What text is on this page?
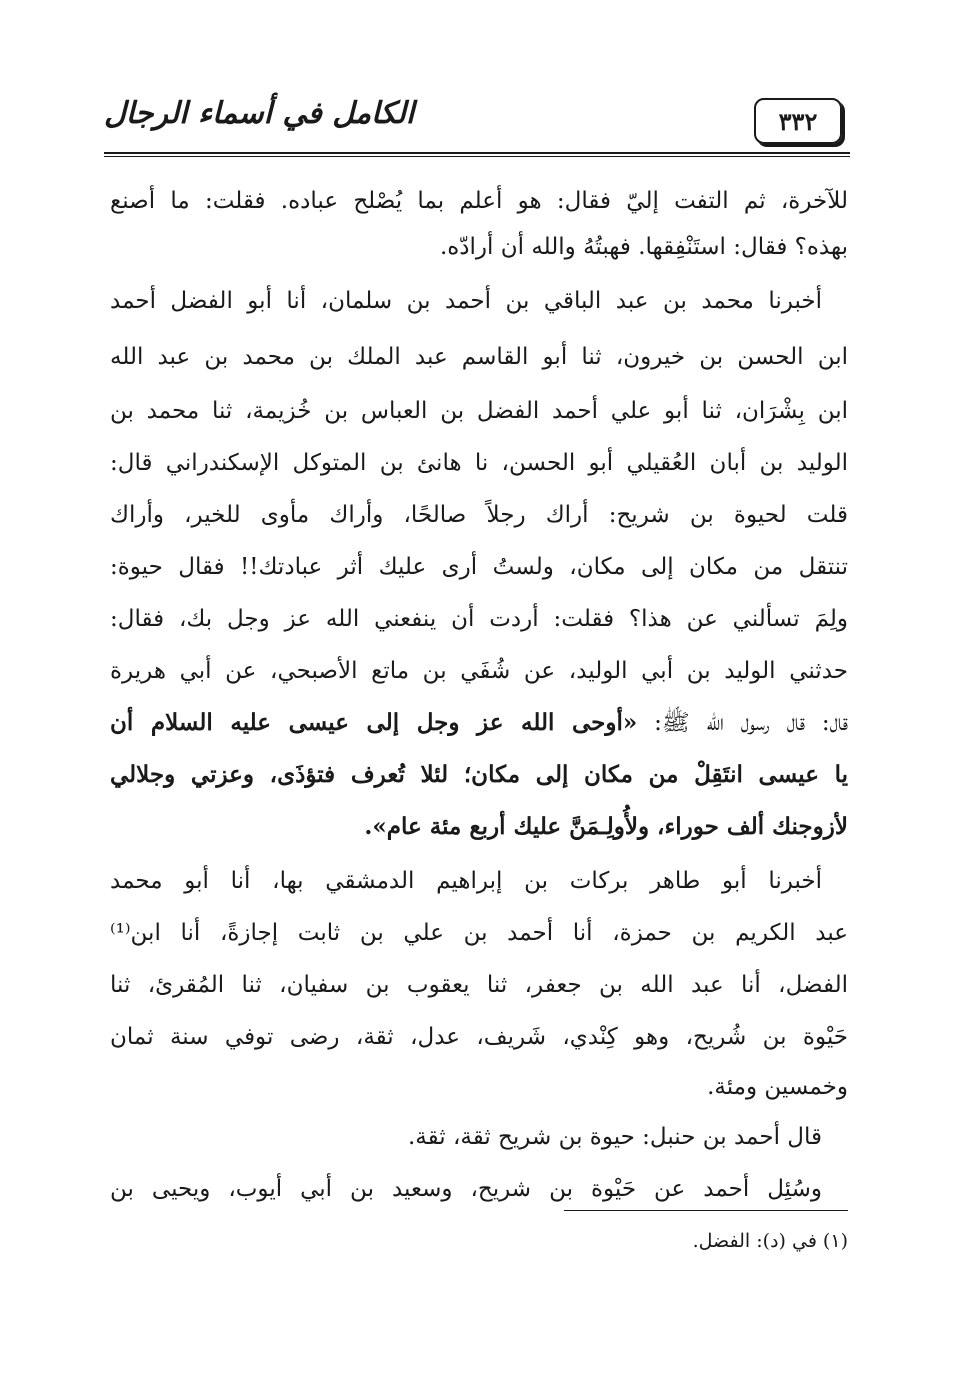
٣٣٢
الكامل في أسماء الرجال
للآخرة، ثم التفت إليّ فقال: هو أعلم بما يُصْلح عباده. فقلت: ما أصنع
بهذه؟ فقال: استَنْفِقها. فهبتُهُ والله أن أرادّه.
أخبرنا محمد بن عبد الباقي بن أحمد بن سلمان، أنا أبو الفضل أحمد
ابن الحسن بن خيرون، ثنا أبو القاسم عبد الملك بن محمد بن عبد الله
ابن بِشْرَان، ثنا أبو علي أحمد الفضل بن العباس بن خُزيمة، ثنا محمد بن
الوليد بن أبان العُقيلي أبو الحسن، نا هانئ بن المتوكل الإسكندراني قال:
قلت لحيوة بن شريح: أراك رجلاً صالحًا، وأراك مأوى للخير، وأراك
تنتقل من مكان إلى مكان، ولستُ أرى عليك أثر عبادتك!! فقال حيوة:
ولِمَ تسألني عن هذا؟ فقلت: أردت أن ينفعني الله عز وجل بك، فقال:
حدثني الوليد بن أبي الوليد، عن شُفَي بن ماتع الأصبحي، عن أبي هريرة
قال: قال رسول الله ﷺ: «أوحى الله عز وجل إلى عيسى عليه السلام أن
يا عيسى انتَقِلْ من مكان إلى مكان؛ لئلا تُعرف فتؤذَى، وعزتي وجلالي
لأزوجنك ألف حوراء، ولأُولِـمَنَّ عليك أربع مئة عام».
أخبرنا أبو طاهر بركات بن إبراهيم الدمشقي بها، أنا أبو محمد
عبد الكريم بن حمزة، أنا أحمد بن علي بن ثابت إجازةً، أنا ابن⁽¹⁾
الفضل، أنا عبد الله بن جعفر، ثنا يعقوب بن سفيان، ثنا المُقرئ، ثنا
حَيْوة بن شُريح، وهو كِنْدي، شَريف، عدل، ثقة، رضى توفي سنة ثمان
وخمسين ومئة.
قال أحمد بن حنبل: حيوة بن شريح ثقة، ثقة.
وسُئِل أحمد عن حَيْوة بن شريح، وسعيد بن أبي أيوب، ويحيى بن
(١) في (د): الفضل.
